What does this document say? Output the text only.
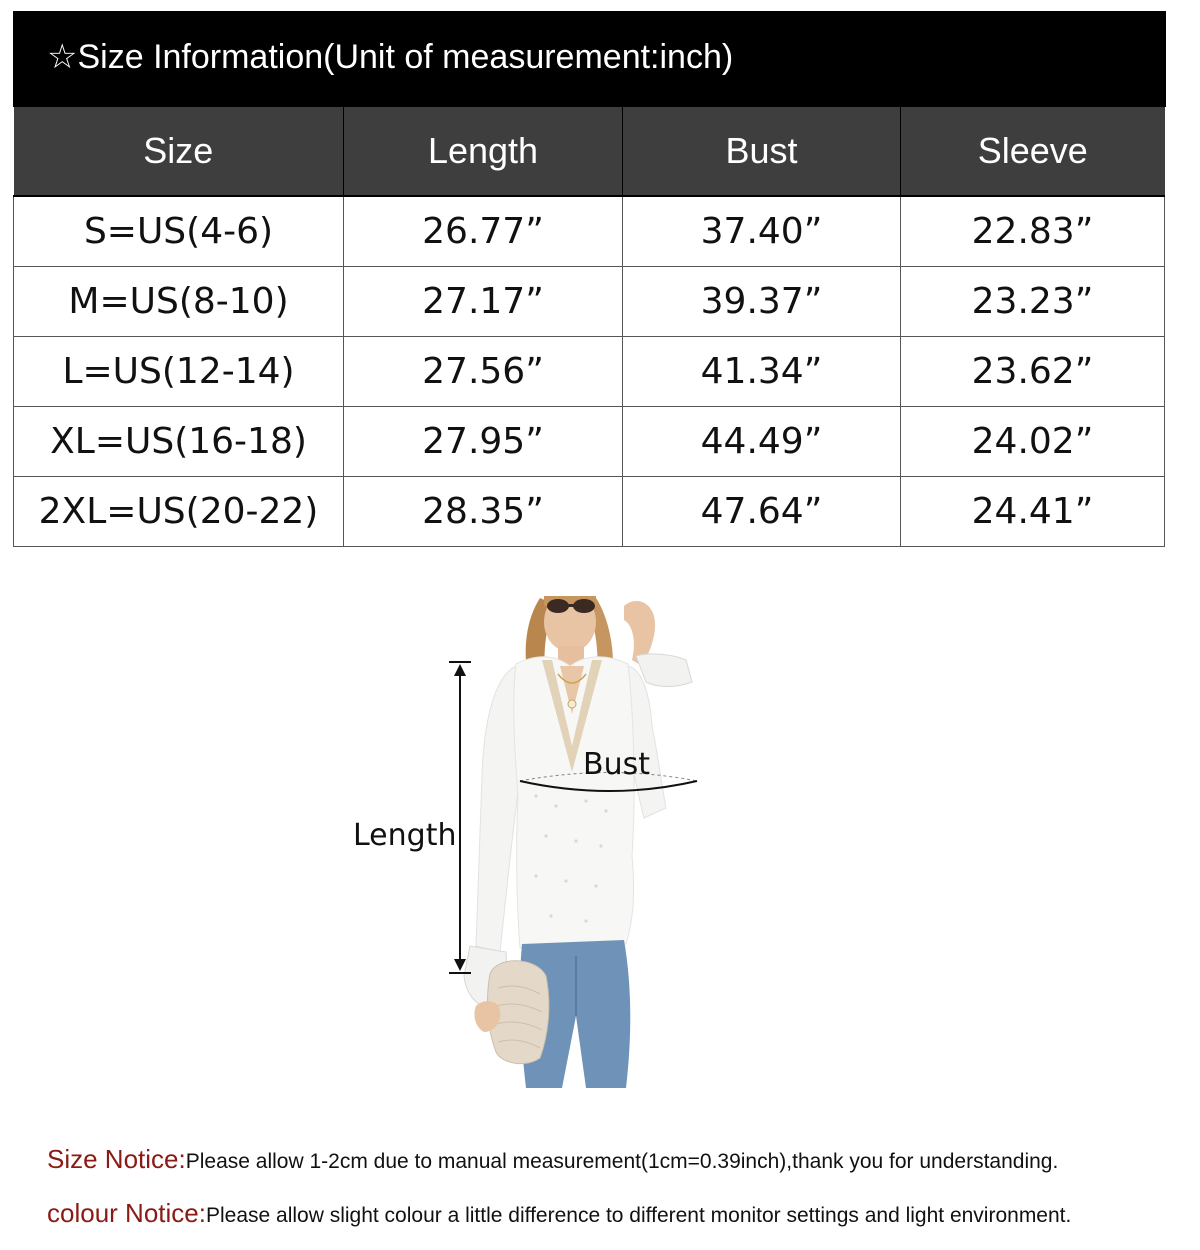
☆Size Information(Unit of measurement:inch)
Size	Length	Bust	Sleeve
S=US(4-6)	26.77”	37.40”	22.83”
M=US(8-10)	27.17”	39.37”	23.23”
L=US(12-14)	27.56”	41.34”	23.62”
XL=US(16-18)	27.95”	44.49”	24.02”
2XL=US(20-22)	28.35”	47.64”	24.41”
Bust
Length
Size Notice:Please allow 1-2cm due to manual measurement(1cm=0.39inch),thank you for understanding.
colour Notice:Please allow slight colour a little difference to different monitor settings and light environment.
